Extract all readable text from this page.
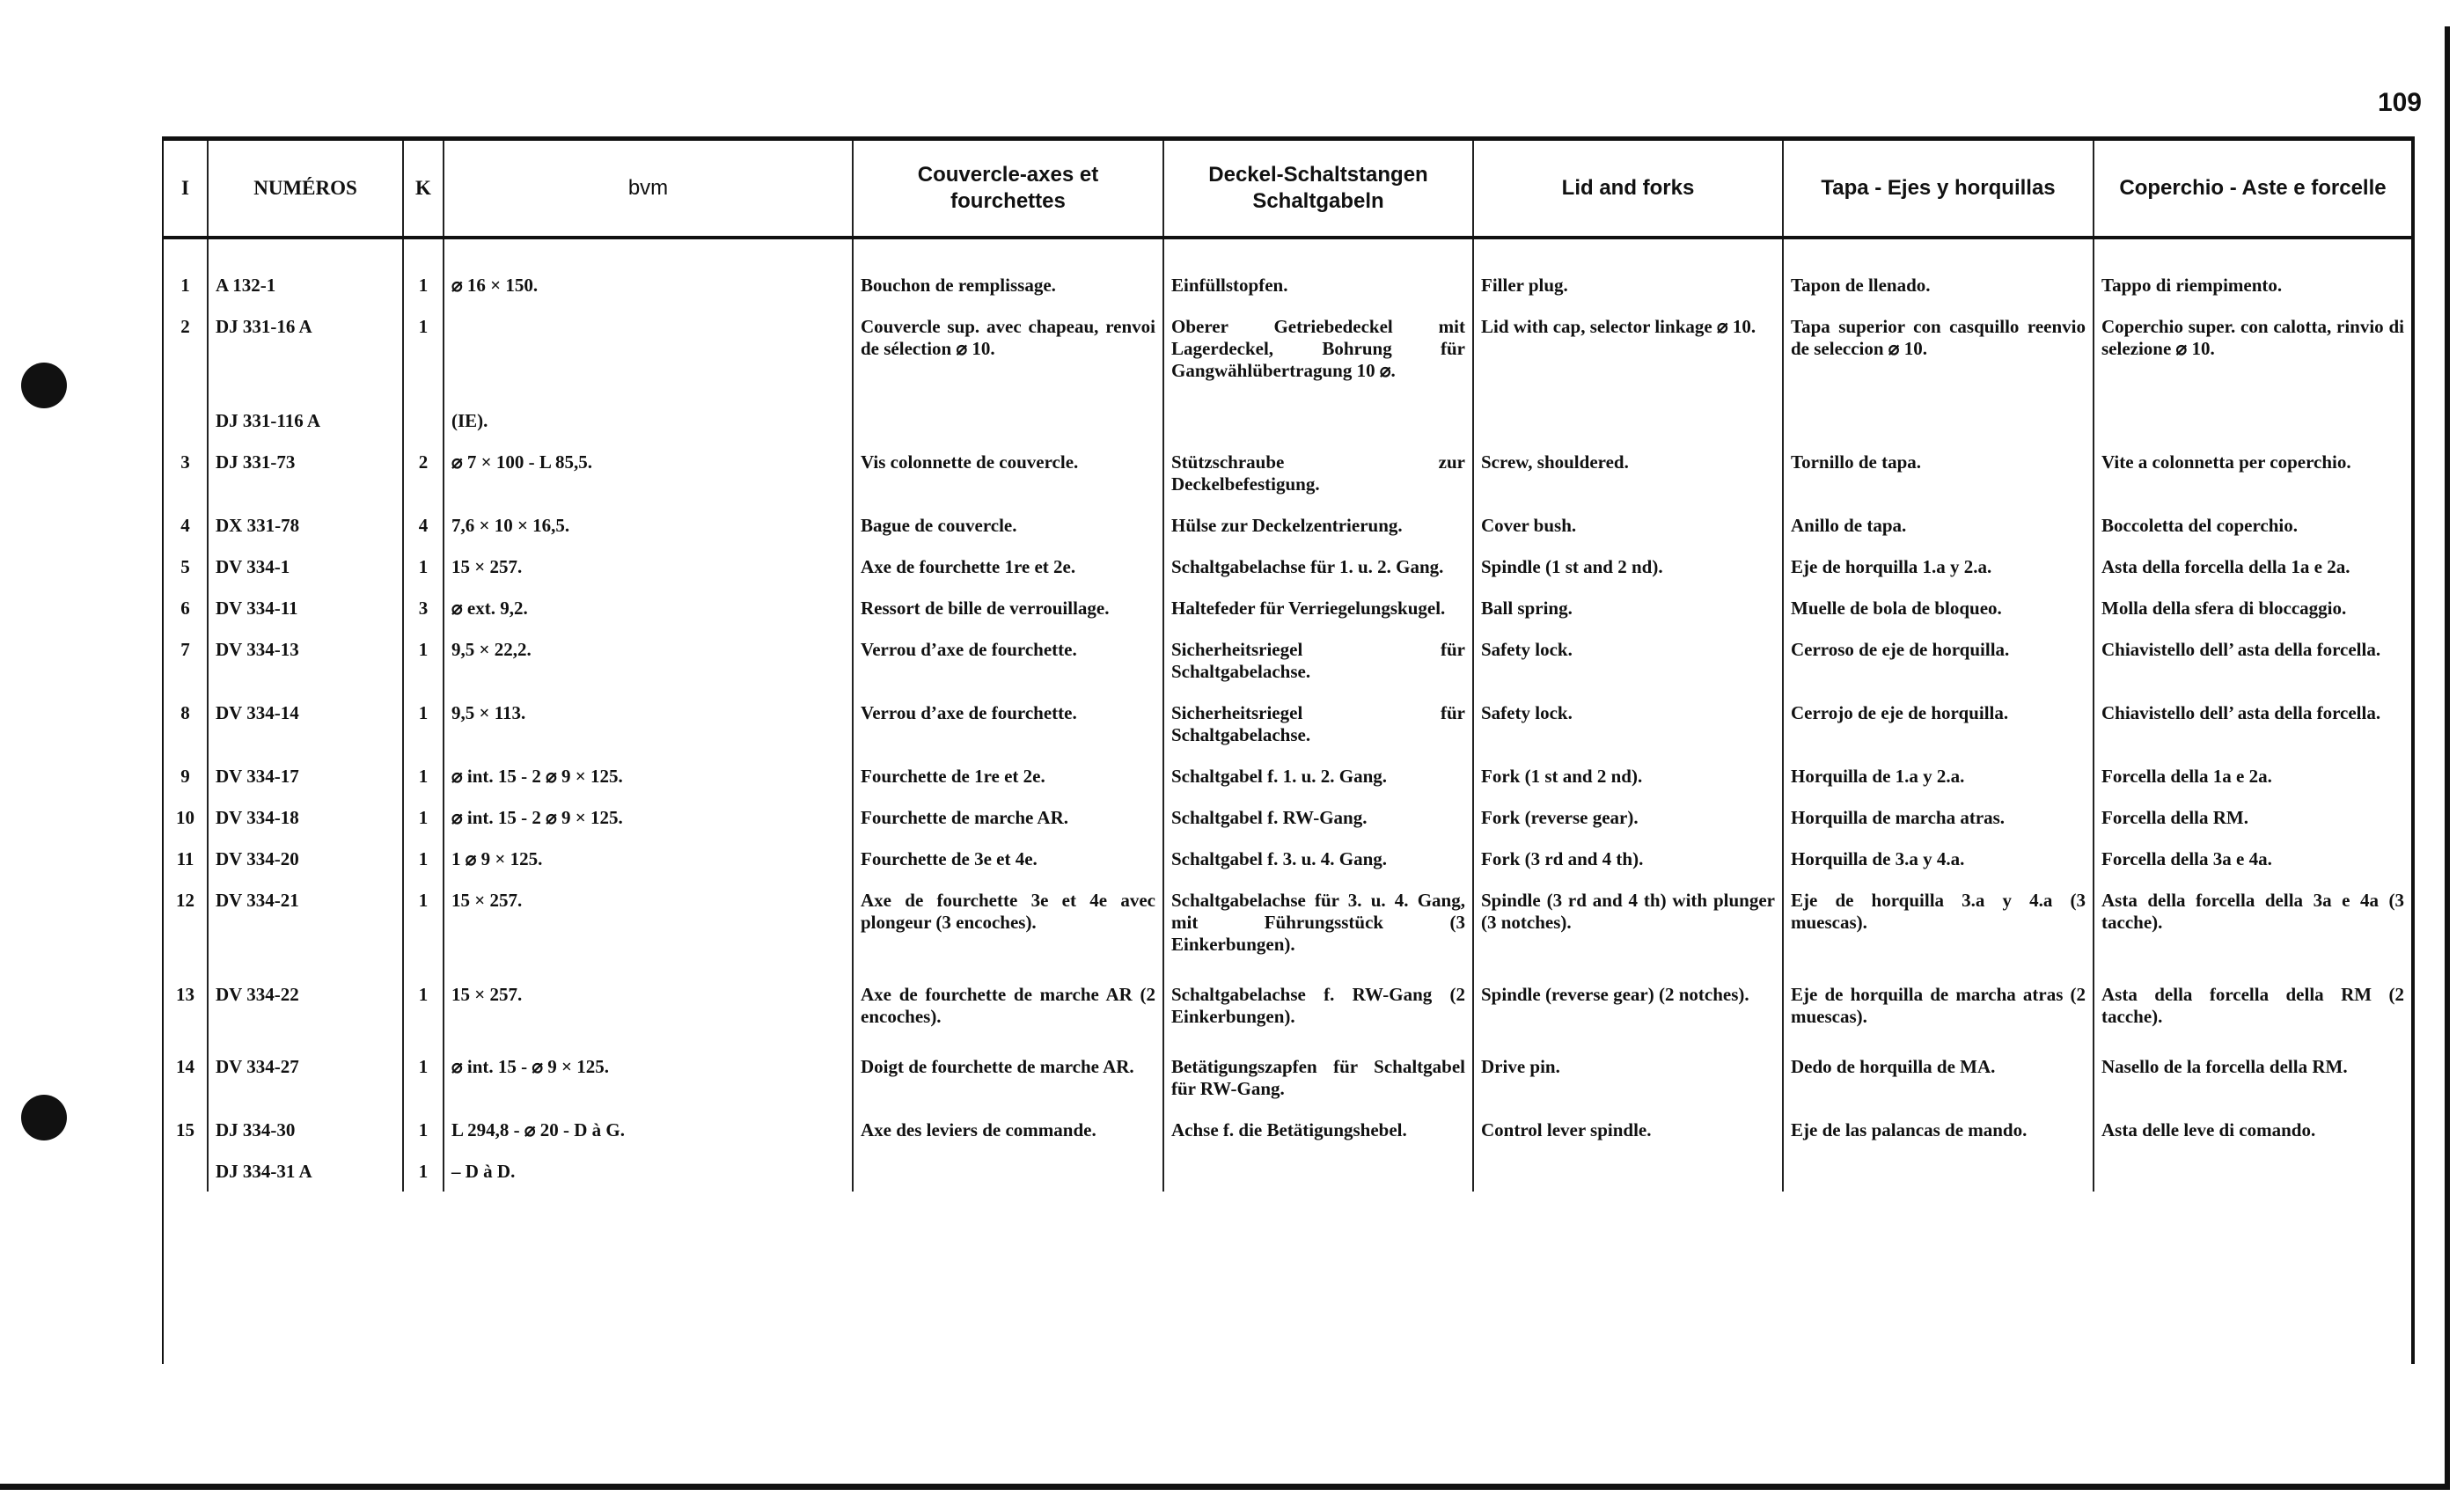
109
I	NUMÉROS	K	bvm	Couvercle-axes et fourchettes	Deckel-Schaltstangen Schaltgabeln	Lid and forks	Tapa - Ejes y horquillas	Coperchio - Aste e forcelle
1	A 132-1	1	⌀ 16 × 150.	Bouchon de remplissage.	Einfüllstopfen.	Filler plug.	Tapon de llenado.	Tappo di riempimento.
2	DJ 331-16 A	1		Couvercle sup. avec chapeau, renvoi de sélection ⌀ 10.	Oberer Getriebedeckel mit Lagerdeckel, Bohrung für Gangwählübertragung 10 ⌀.	Lid with cap, selector linkage ⌀ 10.	Tapa superior con casquillo reenvio de seleccion ⌀ 10.	Coperchio super. con calotta, rinvio di selezione ⌀ 10.
	DJ 331-116 A		(IE).					
3	DJ 331-73	2	⌀ 7 × 100 - L 85,5.	Vis colonnette de couvercle.	Stützschraube zur Deckelbefestigung.	Screw, shouldered.	Tornillo de tapa.	Vite a colonnetta per coperchio.
4	DX 331-78	4	7,6 × 10 × 16,5.	Bague de couvercle.	Hülse zur Deckelzentrierung.	Cover bush.	Anillo de tapa.	Boccoletta del coperchio.
5	DV 334-1	1	15 × 257.	Axe de fourchette 1re et 2e.	Schaltgabelachse für 1. u. 2. Gang.	Spindle (1 st and 2 nd).	Eje de horquilla 1.a y 2.a.	Asta della forcella della 1a e 2a.
6	DV 334-11	3	⌀ ext. 9,2.	Ressort de bille de verrouillage.	Haltefeder für Verriegelungskugel.	Ball spring.	Muelle de bola de bloqueo.	Molla della sfera di bloccaggio.
7	DV 334-13	1	9,5 × 22,2.	Verrou d’axe de fourchette.	Sicherheitsriegel für Schaltgabelachse.	Safety lock.	Cerroso de eje de horquilla.	Chiavistello dell’ asta della forcella.
8	DV 334-14	1	9,5 × 113.	Verrou d’axe de fourchette.	Sicherheitsriegel für Schaltgabelachse.	Safety lock.	Cerrojo de eje de horquilla.	Chiavistello dell’ asta della forcella.
9	DV 334-17	1	⌀ int. 15 - 2 ⌀ 9 × 125.	Fourchette de 1re et 2e.	Schaltgabel f. 1. u. 2. Gang.	Fork (1 st and 2 nd).	Horquilla de 1.a y 2.a.	Forcella della 1a e 2a.
10	DV 334-18	1	⌀ int. 15 - 2 ⌀ 9 × 125.	Fourchette de marche AR.	Schaltgabel f. RW-Gang.	Fork (reverse gear).	Horquilla de marcha atras.	Forcella della RM.
11	DV 334-20	1	1 ⌀ 9 × 125.	Fourchette de 3e et 4e.	Schaltgabel f. 3. u. 4. Gang.	Fork (3 rd and 4 th).	Horquilla de 3.a y 4.a.	Forcella della 3a e 4a.
12	DV 334-21	1	15 × 257.	Axe de fourchette 3e et 4e avec plongeur (3 encoches).	Schaltgabelachse für 3. u. 4. Gang, mit Führungsstück (3 Einkerbungen).	Spindle (3 rd and 4 th) with plunger (3 notches).	Eje de horquilla 3.a y 4.a (3 muescas).	Asta della forcella della 3a e 4a (3 tacche).
13	DV 334-22	1	15 × 257.	Axe de fourchette de marche AR (2 encoches).	Schaltgabelachse f. RW-Gang (2 Einkerbungen).	Spindle (reverse gear) (2 notches).	Eje de horquilla de marcha atras (2 muescas).	Asta della forcella della RM (2 tacche).
14	DV 334-27	1	⌀ int. 15 - ⌀ 9 × 125.	Doigt de fourchette de marche AR.	Betätigungszapfen für Schaltgabel für RW-Gang.	Drive pin.	Dedo de horquilla de MA.	Nasello de la forcella della RM.
15	DJ 334-30	1	L 294,8 - ⌀ 20 - D à G.	Axe des leviers de commande.	Achse f. die Betätigungshebel.	Control lever spindle.	Eje de las palancas de mando.	Asta delle leve di comando.
	DJ 334-31 A	1	– D à D.					
